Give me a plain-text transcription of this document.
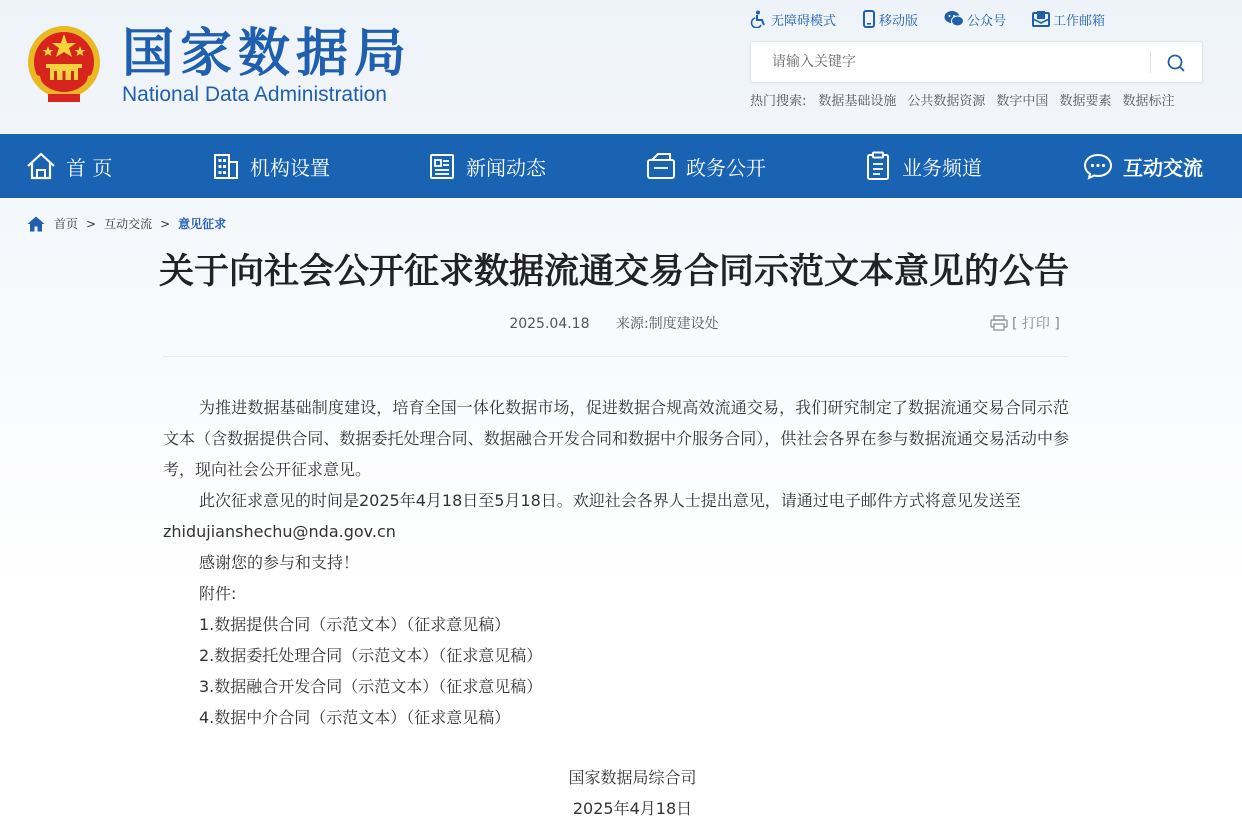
国家数据局
National Data Administration
无障碍模式	移动版	公众号	工作邮箱
请输入关键字
热门搜索: 数据基础设施 公共数据资源 数字中国 数据要素 数据标注
首 页	机构设置	新闻动态	政务公开	业务频道	互动交流
首页 > 互动交流 > 意见征求
关于向社会公开征求数据流通交易合同示范文本意见的公告
2025.04.18 来源:制度建设处	[ 打印 ]

为推进数据基础制度建设，培育全国一体化数据市场，促进数据合规高效流通交易，我们研究制定了数据流通交易合同示范文本（含数据提供合同、数据委托处理合同、数据融合开发合同和数据中介服务合同），供社会各界在参与数据流通交易活动中参考，现向社会公开征求意见。

此次征求意见的时间是2025年4月18日至5月18日。欢迎社会各界人士提出意见，请通过电子邮件方式将意见发送至

zhidujianshechu@nda.gov.cn

感谢您的参与和支持！

附件:

1.数据提供合同（示范文本）（征求意见稿）

2.数据委托处理合同（示范文本）（征求意见稿）

3.数据融合开发合同（示范文本）（征求意见稿）

4.数据中介合同（示范文本）（征求意见稿）

国家数据局综合司
2025年4月18日
